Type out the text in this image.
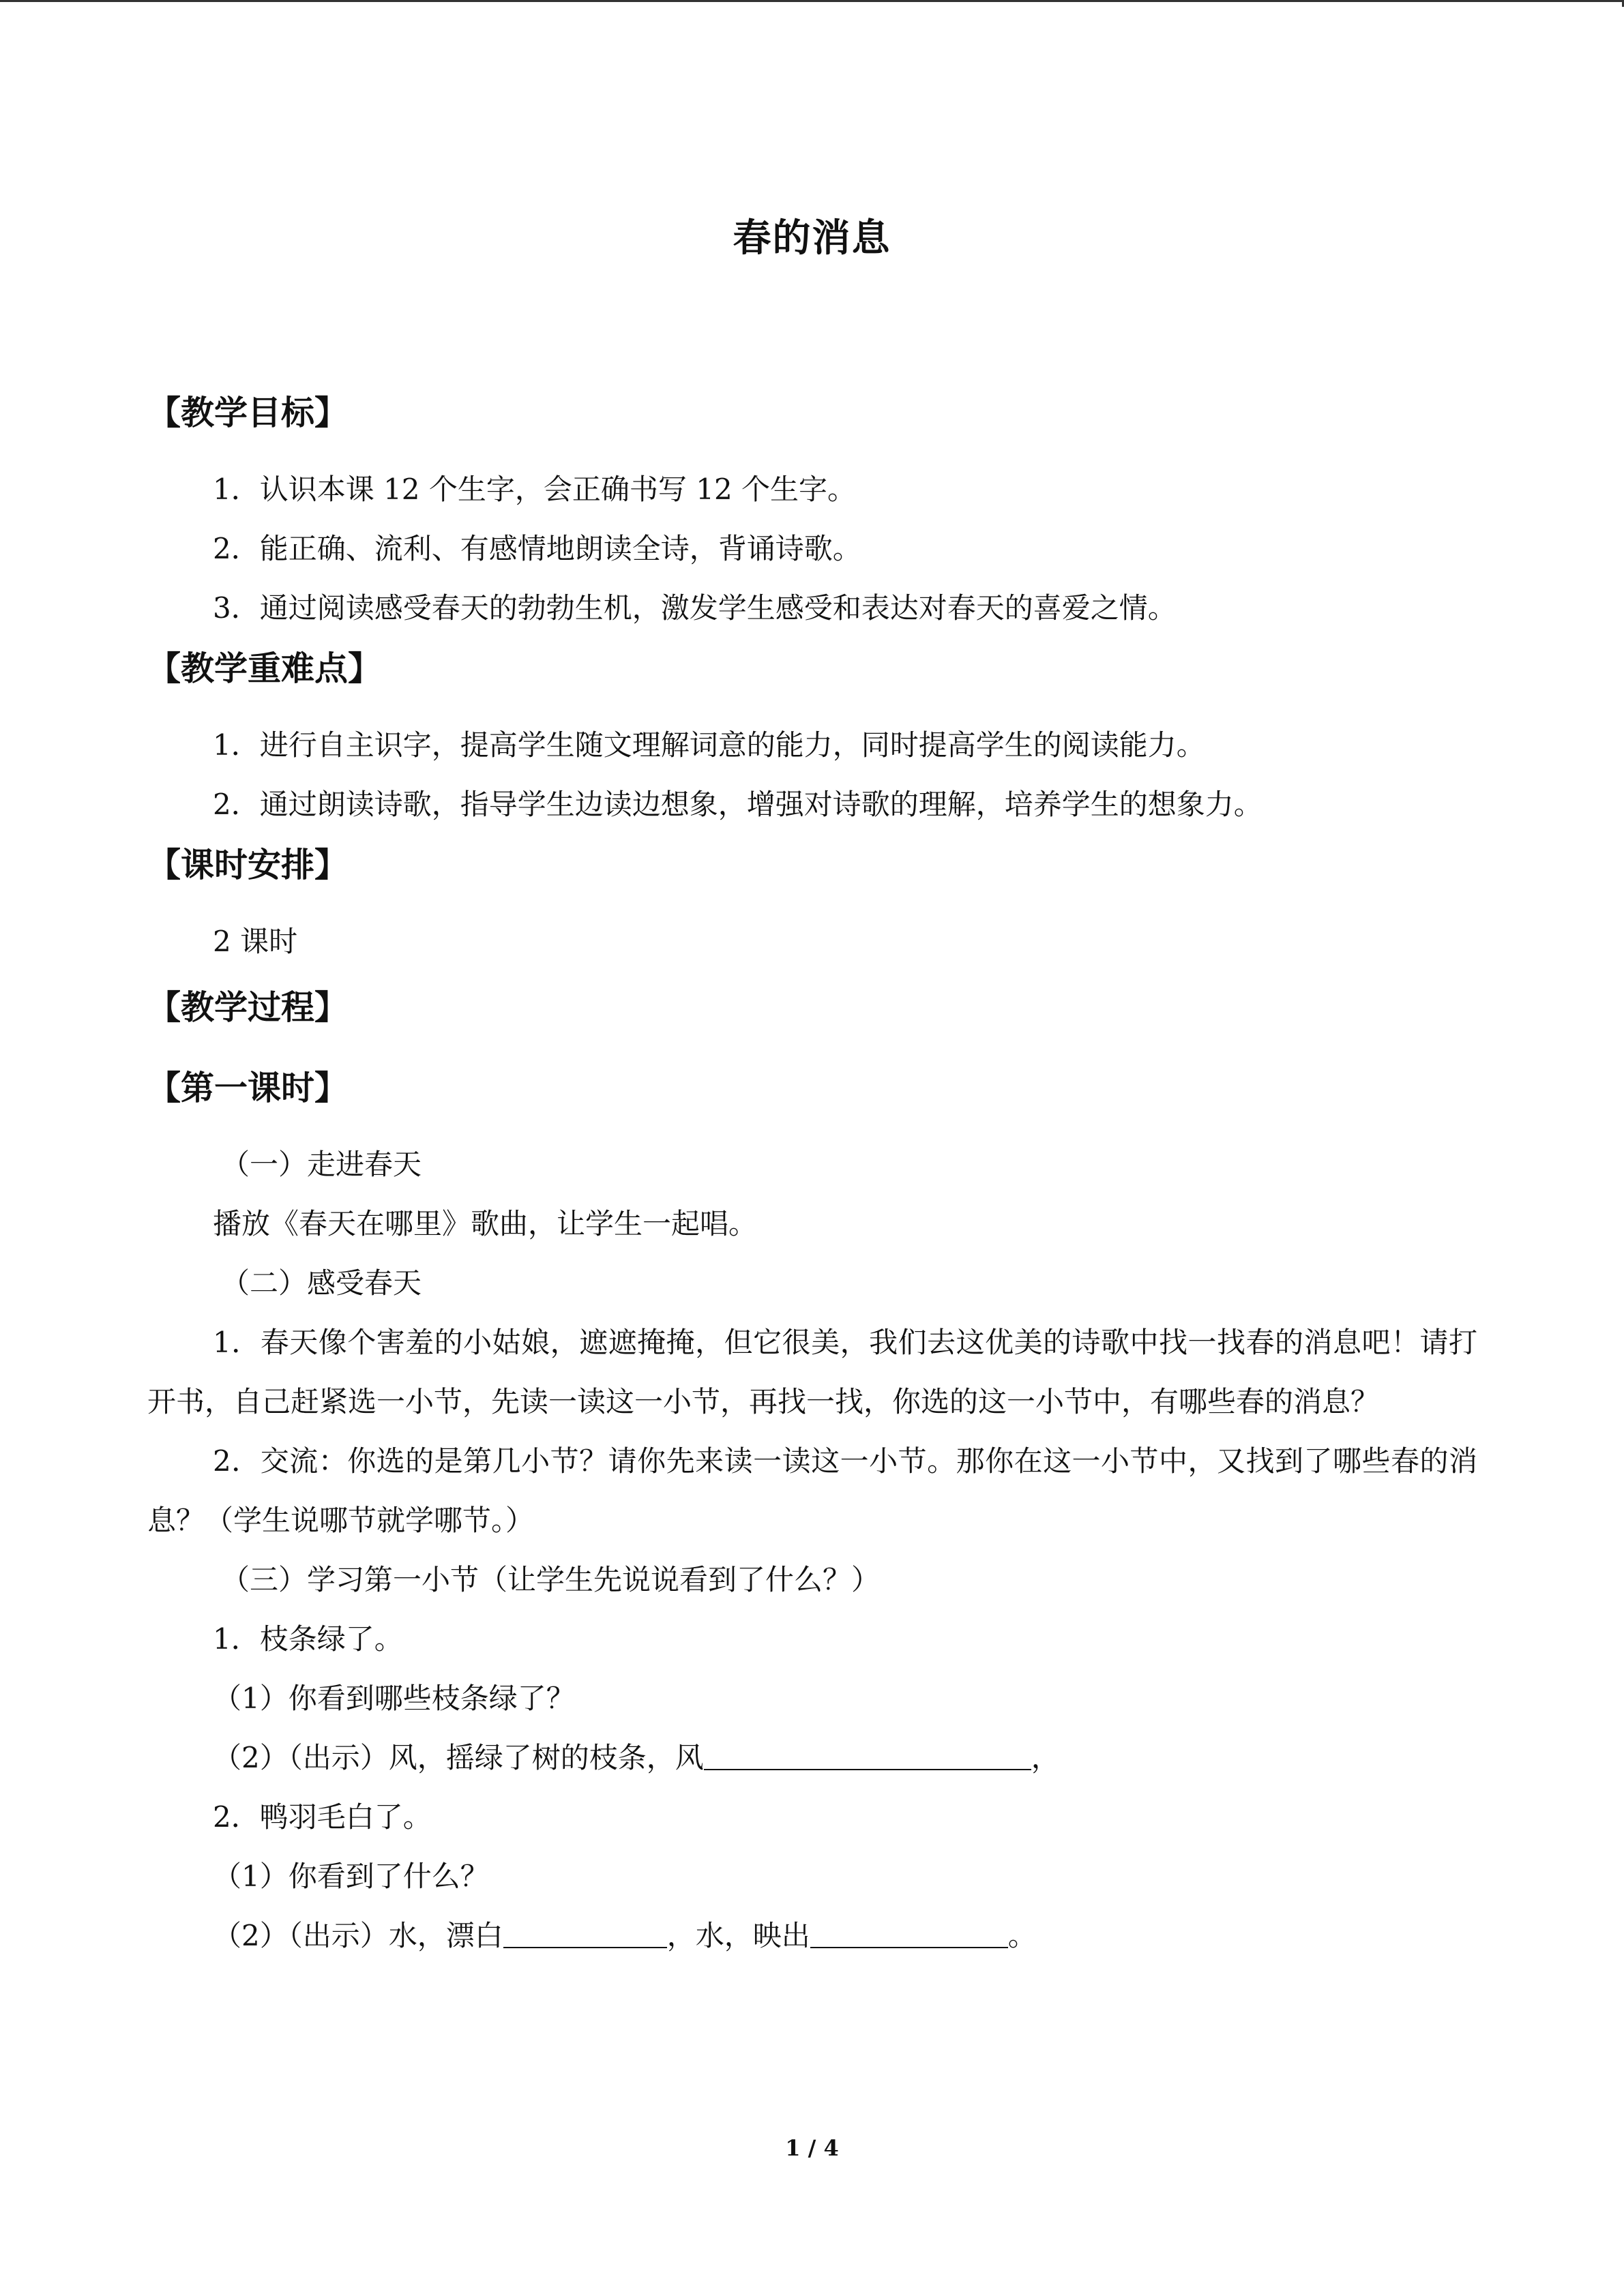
春的消息
【教学目标】
1．认识本课 12 个生字，会正确书写 12 个生字。
2．能正确、流利、有感情地朗读全诗，背诵诗歌。
3．通过阅读感受春天的勃勃生机，激发学生感受和表达对春天的喜爱之情。
【教学重难点】
1．进行自主识字，提高学生随文理解词意的能力，同时提高学生的阅读能力。
2．通过朗读诗歌，指导学生边读边想象，增强对诗歌的理解，培养学生的想象力。
【课时安排】
2 课时
【教学过程】
【第一课时】
（一）走进春天
播放《春天在哪里》歌曲，让学生一起唱。
（二）感受春天

1．春天像个害羞的小姑娘，遮遮掩掩，但它很美，我们去这优美的诗歌中找一找春的消息吧！请打开书，自己赶紧选一小节，先读一读这一小节，再找一找，你选的这一小节中，有哪些春的消息？

2．交流：你选的是第几小节？请你先来读一读这一小节。那你在这一小节中，又找到了哪些春的消息？（学生说哪节就学哪节。）

（三）学习第一小节（让学生先说说看到了什么？）
1．枝条绿了。
（1）你看到哪些枝条绿了？
（2）（出示）风，摇绿了树的枝条，风	，
2．鸭羽毛白了。
（1）你看到了什么？
（2）（出示）水，漂白	，水，映出	。
1 / 4
